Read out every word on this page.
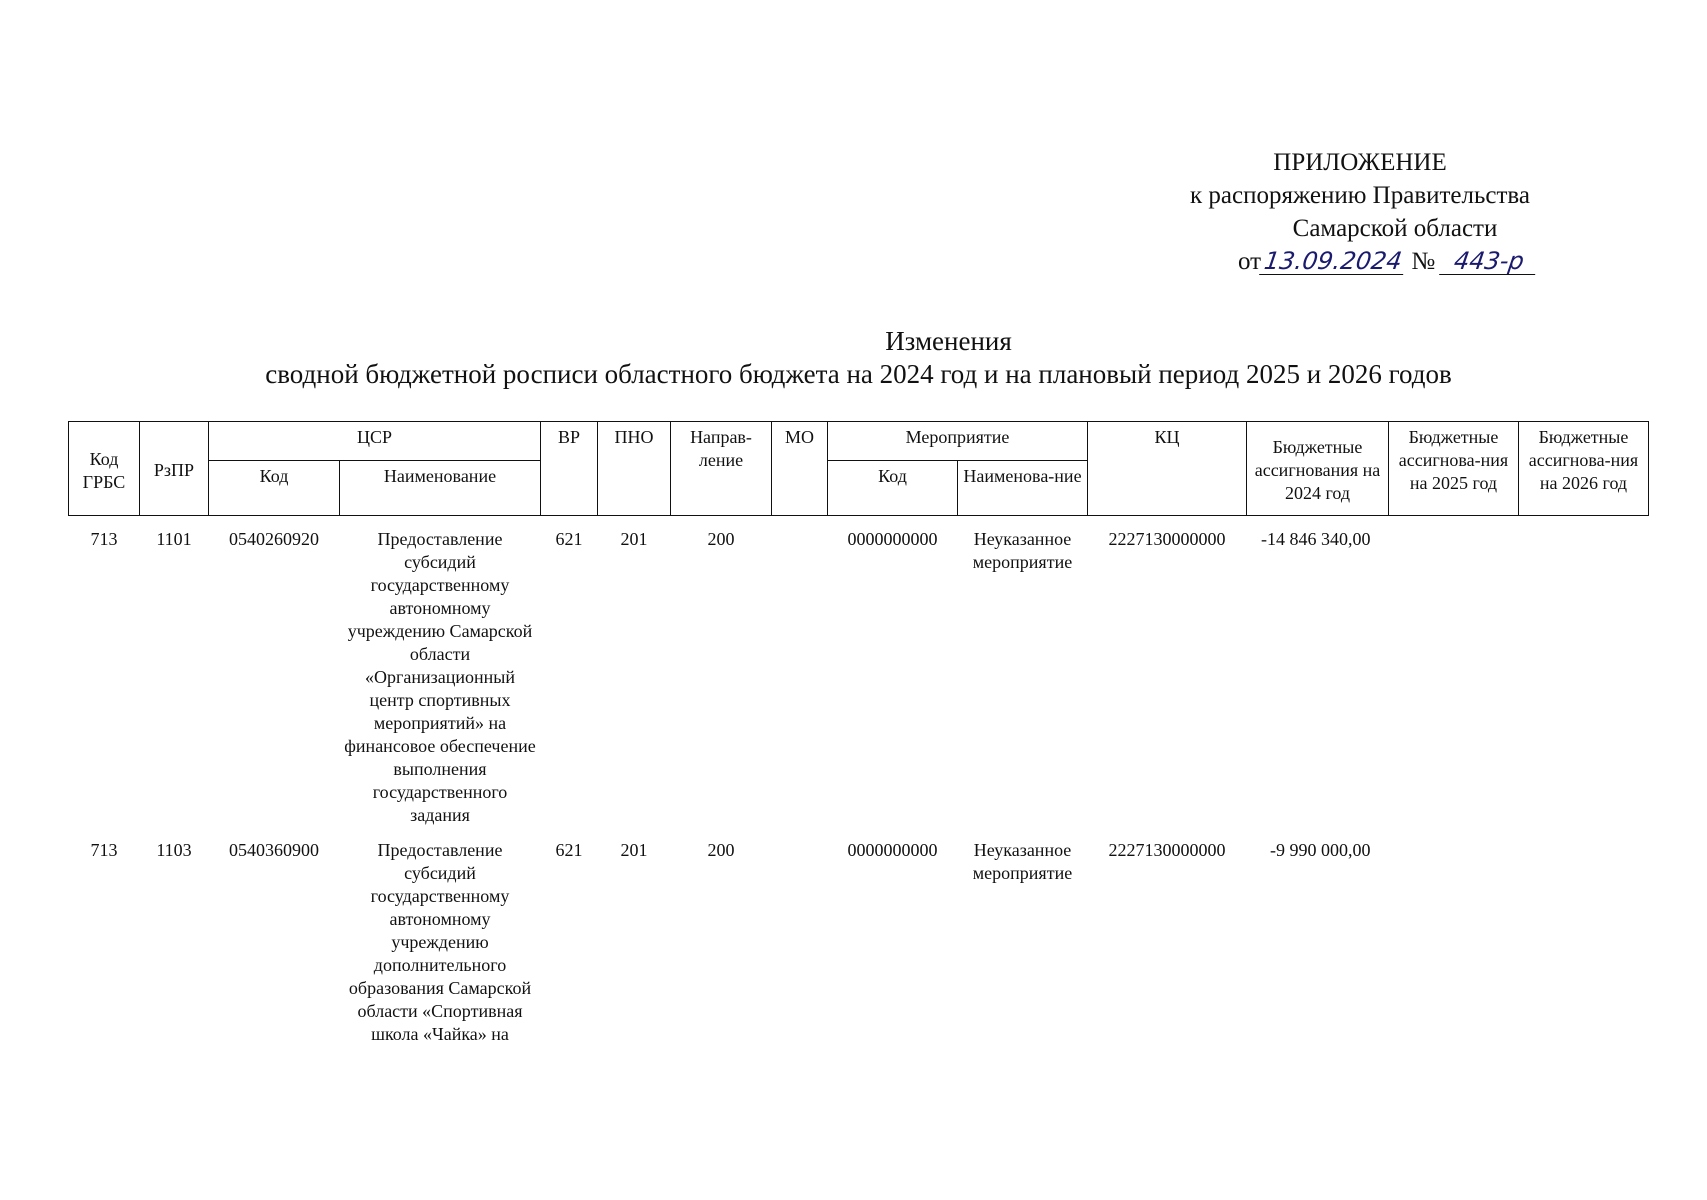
ПРИЛОЖЕНИЕ
к распоряжению Правительства
Самарской области
от13.09.2024 № 443-р
Изменения
сводной бюджетной росписи областного бюджета на 2024 год и на плановый период 2025 и 2026 годов
Код ГРБС	РзПР	ЦСР		ВР	ПНО	Направ-ление	МО	Мероприятие		КЦ	Бюджетные ассигнования на 2024 год	Бюджетные ассигнова-ния на 2025 год	Бюджетные ассигнова-ния на 2026 год
		Код	Наименование					Код	Наименова-ние				
713	1101	0540260920	Предоставление субсидий государственному автономному учреждению Самарской области «Организационный центр спортивных мероприятий» на финансовое обеспечение выполнения государственного задания	621	201	200		0000000000	Неуказанное мероприятие	2227130000000	-14 846 340,00		
713	1103	0540360900	Предоставление субсидий государственному автономному учреждению дополнительного образования Самарской области «Спортивная школа «Чайка» на	621	201	200		0000000000	Неуказанное мероприятие	2227130000000	-9 990 000,00		
